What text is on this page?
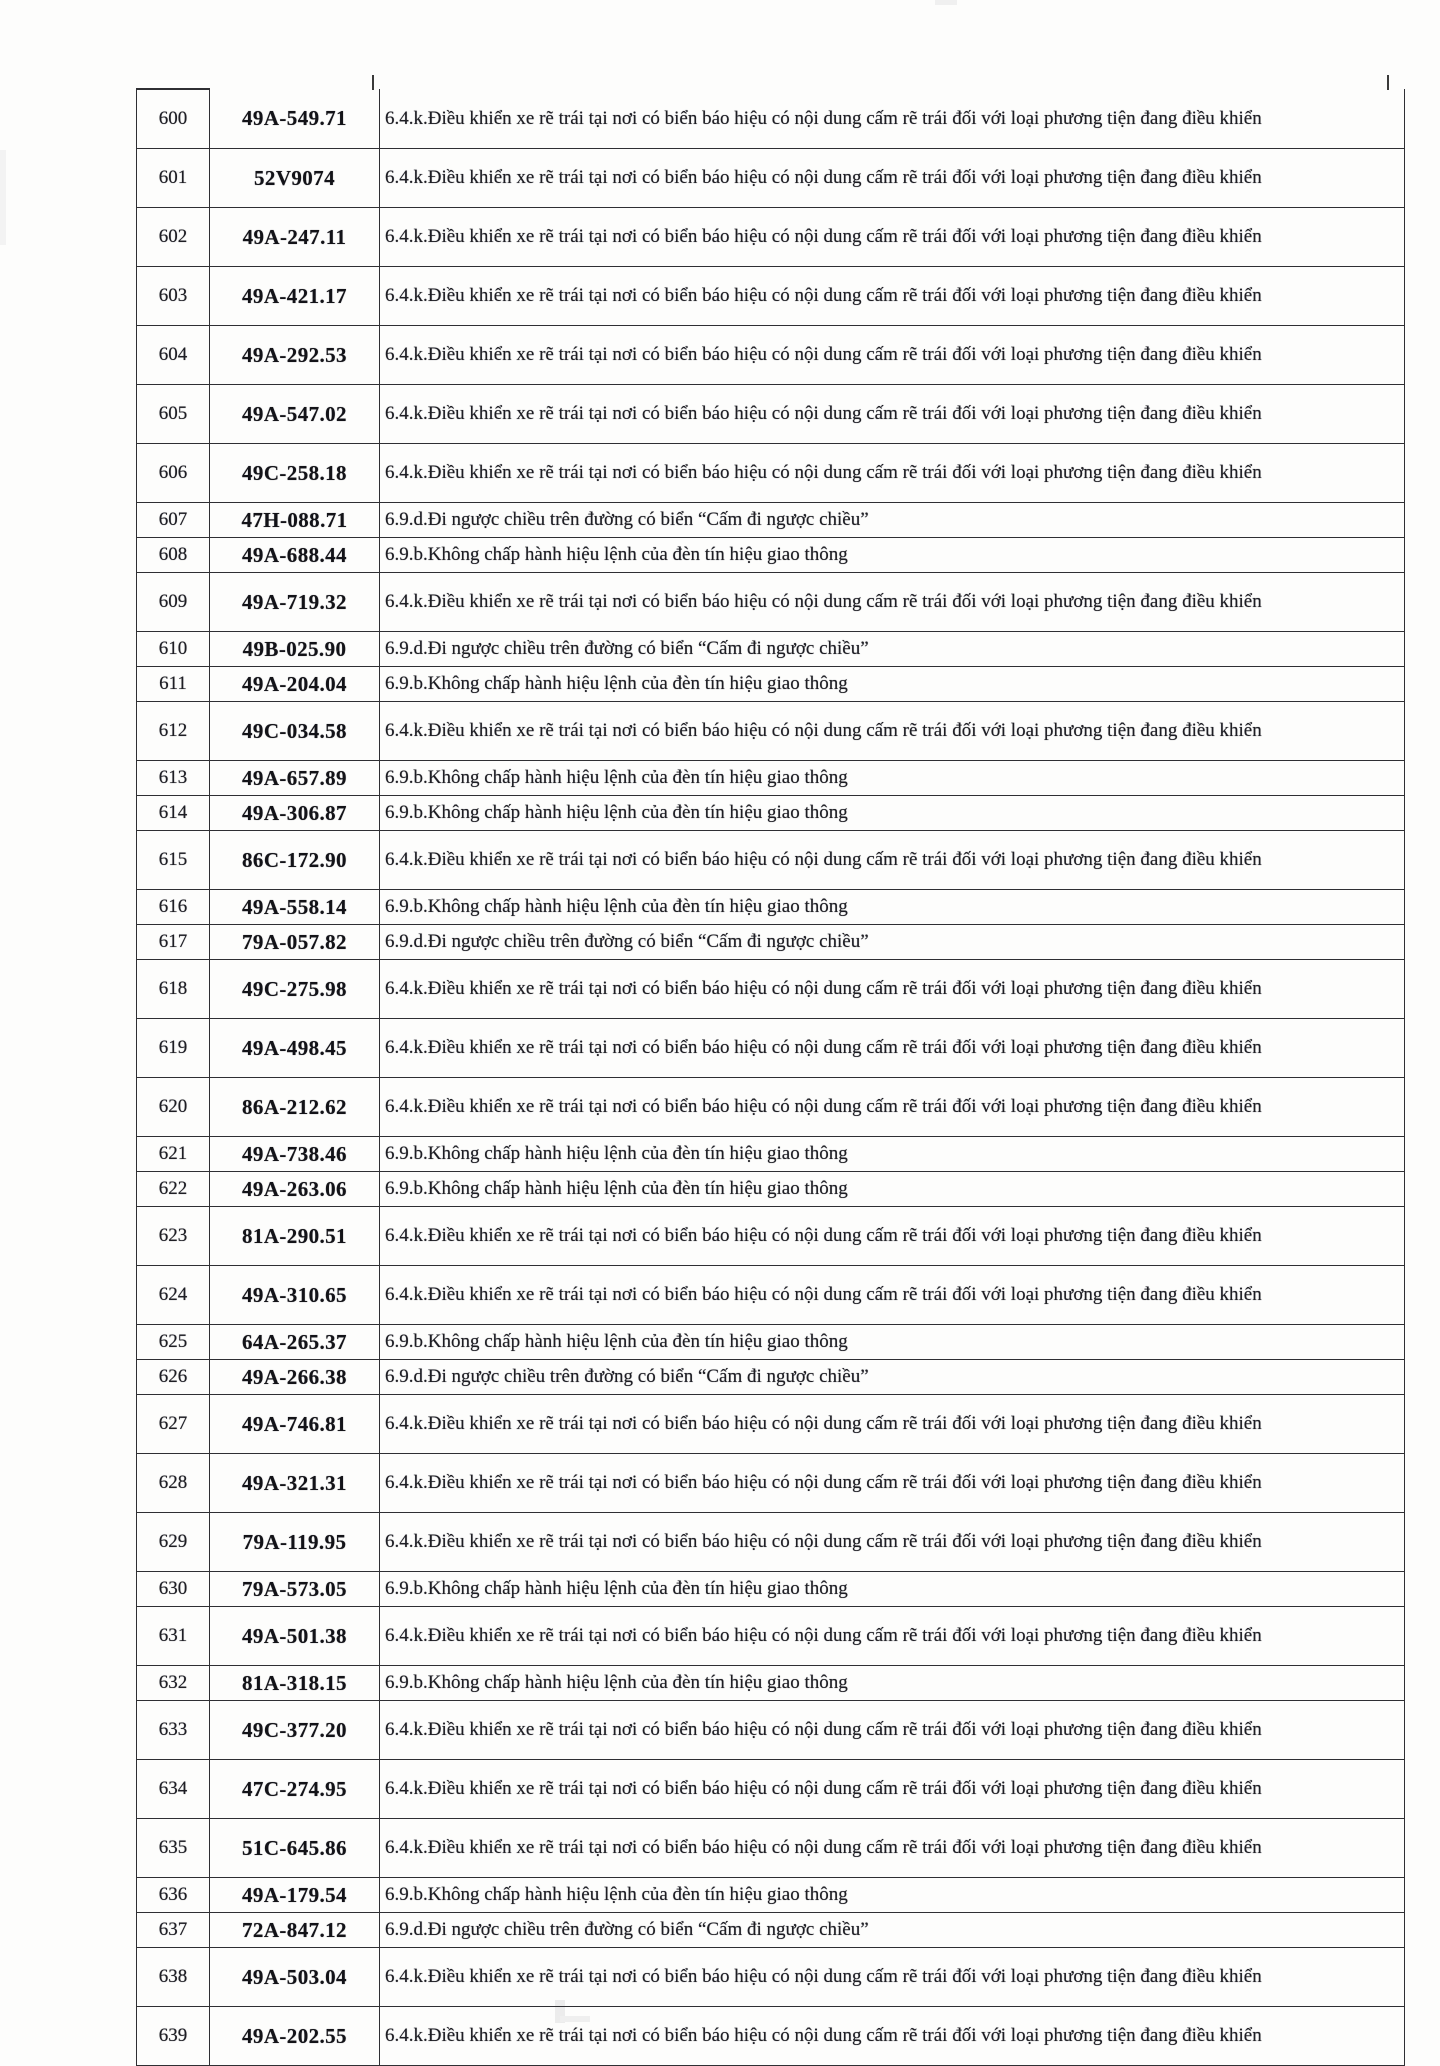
600	49A-549.71	6.4.k.Điều khiển xe rẽ trái tại nơi có biển báo hiệu có nội dung cấm rẽ trái đối với loại phương tiện đang điều khiển
601	52V9074	6.4.k.Điều khiển xe rẽ trái tại nơi có biển báo hiệu có nội dung cấm rẽ trái đối với loại phương tiện đang điều khiển
602	49A-247.11	6.4.k.Điều khiển xe rẽ trái tại nơi có biển báo hiệu có nội dung cấm rẽ trái đối với loại phương tiện đang điều khiển
603	49A-421.17	6.4.k.Điều khiển xe rẽ trái tại nơi có biển báo hiệu có nội dung cấm rẽ trái đối với loại phương tiện đang điều khiển
604	49A-292.53	6.4.k.Điều khiển xe rẽ trái tại nơi có biển báo hiệu có nội dung cấm rẽ trái đối với loại phương tiện đang điều khiển
605	49A-547.02	6.4.k.Điều khiển xe rẽ trái tại nơi có biển báo hiệu có nội dung cấm rẽ trái đối với loại phương tiện đang điều khiển
606	49C-258.18	6.4.k.Điều khiển xe rẽ trái tại nơi có biển báo hiệu có nội dung cấm rẽ trái đối với loại phương tiện đang điều khiển
607	47H-088.71	6.9.d.Đi ngược chiều trên đường có biển “Cấm đi ngược chiều”
608	49A-688.44	6.9.b.Không chấp hành hiệu lệnh của đèn tín hiệu giao thông
609	49A-719.32	6.4.k.Điều khiển xe rẽ trái tại nơi có biển báo hiệu có nội dung cấm rẽ trái đối với loại phương tiện đang điều khiển
610	49B-025.90	6.9.d.Đi ngược chiều trên đường có biển “Cấm đi ngược chiều”
611	49A-204.04	6.9.b.Không chấp hành hiệu lệnh của đèn tín hiệu giao thông
612	49C-034.58	6.4.k.Điều khiển xe rẽ trái tại nơi có biển báo hiệu có nội dung cấm rẽ trái đối với loại phương tiện đang điều khiển
613	49A-657.89	6.9.b.Không chấp hành hiệu lệnh của đèn tín hiệu giao thông
614	49A-306.87	6.9.b.Không chấp hành hiệu lệnh của đèn tín hiệu giao thông
615	86C-172.90	6.4.k.Điều khiển xe rẽ trái tại nơi có biển báo hiệu có nội dung cấm rẽ trái đối với loại phương tiện đang điều khiển
616	49A-558.14	6.9.b.Không chấp hành hiệu lệnh của đèn tín hiệu giao thông
617	79A-057.82	6.9.d.Đi ngược chiều trên đường có biển “Cấm đi ngược chiều”
618	49C-275.98	6.4.k.Điều khiển xe rẽ trái tại nơi có biển báo hiệu có nội dung cấm rẽ trái đối với loại phương tiện đang điều khiển
619	49A-498.45	6.4.k.Điều khiển xe rẽ trái tại nơi có biển báo hiệu có nội dung cấm rẽ trái đối với loại phương tiện đang điều khiển
620	86A-212.62	6.4.k.Điều khiển xe rẽ trái tại nơi có biển báo hiệu có nội dung cấm rẽ trái đối với loại phương tiện đang điều khiển
621	49A-738.46	6.9.b.Không chấp hành hiệu lệnh của đèn tín hiệu giao thông
622	49A-263.06	6.9.b.Không chấp hành hiệu lệnh của đèn tín hiệu giao thông
623	81A-290.51	6.4.k.Điều khiển xe rẽ trái tại nơi có biển báo hiệu có nội dung cấm rẽ trái đối với loại phương tiện đang điều khiển
624	49A-310.65	6.4.k.Điều khiển xe rẽ trái tại nơi có biển báo hiệu có nội dung cấm rẽ trái đối với loại phương tiện đang điều khiển
625	64A-265.37	6.9.b.Không chấp hành hiệu lệnh của đèn tín hiệu giao thông
626	49A-266.38	6.9.d.Đi ngược chiều trên đường có biển “Cấm đi ngược chiều”
627	49A-746.81	6.4.k.Điều khiển xe rẽ trái tại nơi có biển báo hiệu có nội dung cấm rẽ trái đối với loại phương tiện đang điều khiển
628	49A-321.31	6.4.k.Điều khiển xe rẽ trái tại nơi có biển báo hiệu có nội dung cấm rẽ trái đối với loại phương tiện đang điều khiển
629	79A-119.95	6.4.k.Điều khiển xe rẽ trái tại nơi có biển báo hiệu có nội dung cấm rẽ trái đối với loại phương tiện đang điều khiển
630	79A-573.05	6.9.b.Không chấp hành hiệu lệnh của đèn tín hiệu giao thông
631	49A-501.38	6.4.k.Điều khiển xe rẽ trái tại nơi có biển báo hiệu có nội dung cấm rẽ trái đối với loại phương tiện đang điều khiển
632	81A-318.15	6.9.b.Không chấp hành hiệu lệnh của đèn tín hiệu giao thông
633	49C-377.20	6.4.k.Điều khiển xe rẽ trái tại nơi có biển báo hiệu có nội dung cấm rẽ trái đối với loại phương tiện đang điều khiển
634	47C-274.95	6.4.k.Điều khiển xe rẽ trái tại nơi có biển báo hiệu có nội dung cấm rẽ trái đối với loại phương tiện đang điều khiển
635	51C-645.86	6.4.k.Điều khiển xe rẽ trái tại nơi có biển báo hiệu có nội dung cấm rẽ trái đối với loại phương tiện đang điều khiển
636	49A-179.54	6.9.b.Không chấp hành hiệu lệnh của đèn tín hiệu giao thông
637	72A-847.12	6.9.d.Đi ngược chiều trên đường có biển “Cấm đi ngược chiều”
638	49A-503.04	6.4.k.Điều khiển xe rẽ trái tại nơi có biển báo hiệu có nội dung cấm rẽ trái đối với loại phương tiện đang điều khiển
639	49A-202.55	6.4.k.Điều khiển xe rẽ trái tại nơi có biển báo hiệu có nội dung cấm rẽ trái đối với loại phương tiện đang điều khiển
